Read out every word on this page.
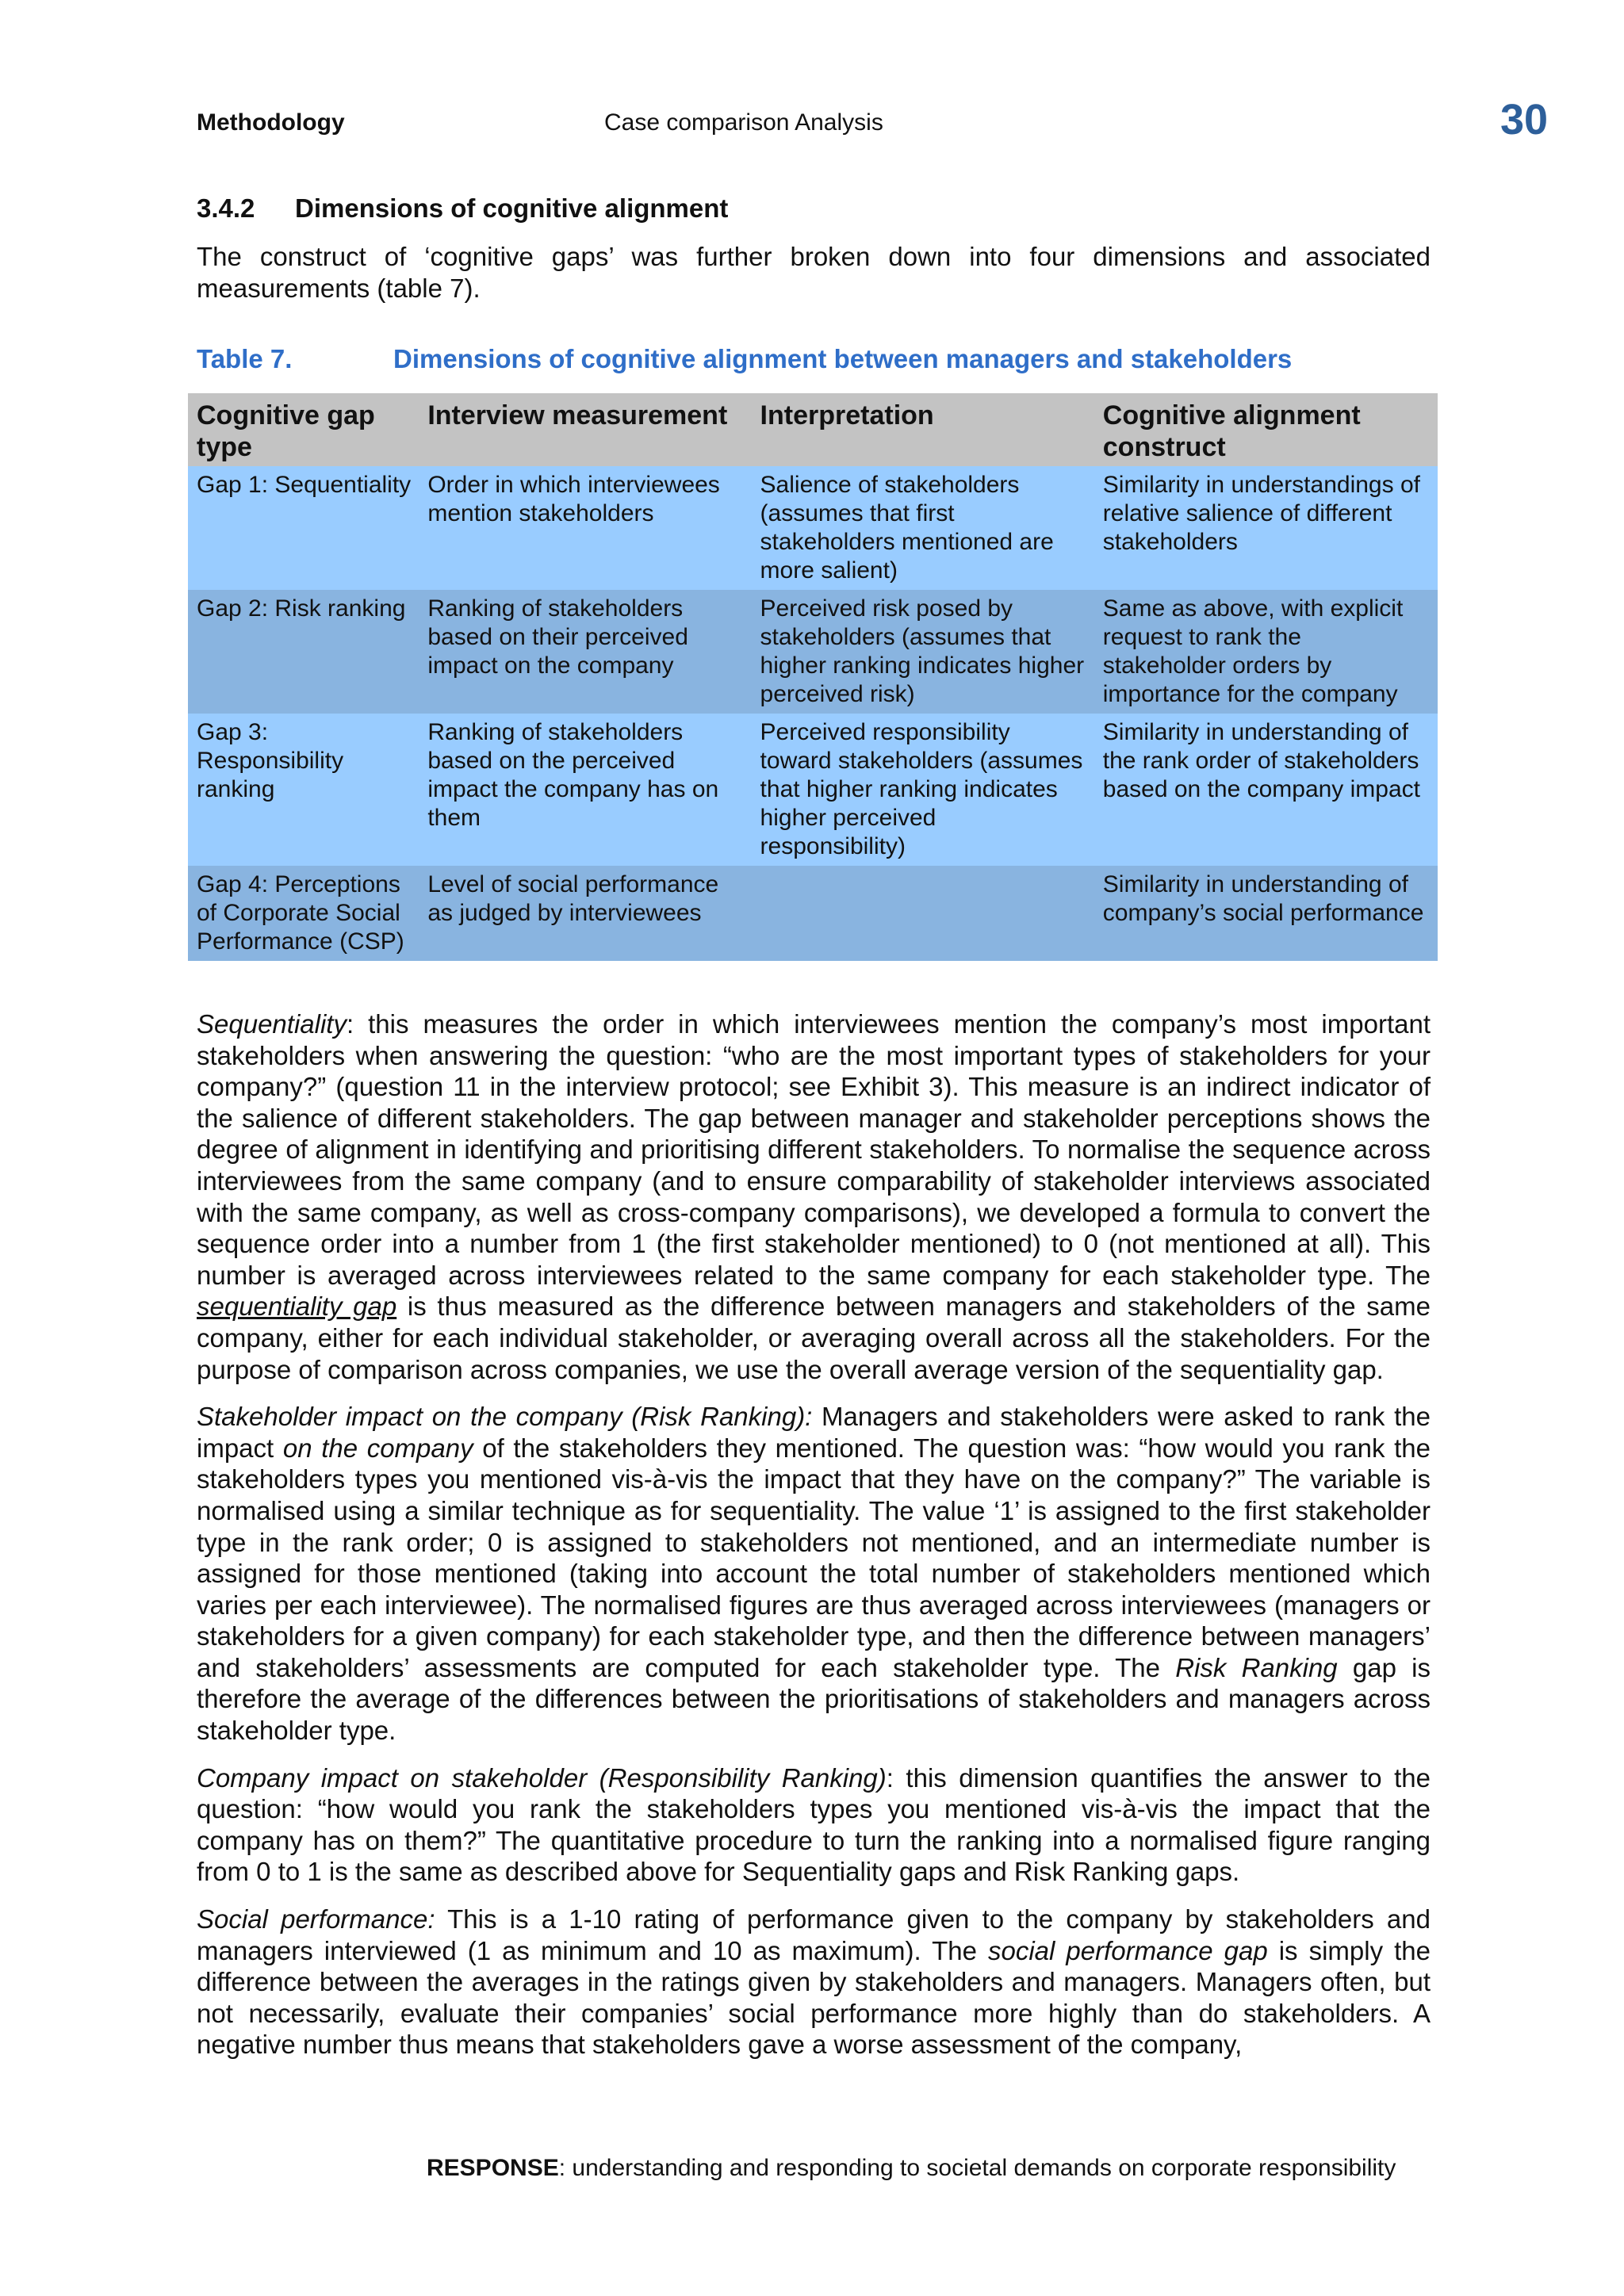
Methodology	Case comparison Analysis	30
3.4.2 Dimensions of cognitive alignment

The construct of ‘cognitive gaps’ was further broken down into four dimensions and associated measurements (table 7).

Table 7.	Dimensions of cognitive alignment between managers and stakeholders
Cognitive gap type	Interview measurement	Interpretation	Cognitive alignment construct
Gap 1: Sequentiality	Order in which interviewees mention stakeholders	Salience of stakeholders (assumes that first stakeholders mentioned are more salient)	Similarity in understandings of relative salience of different stakeholders
Gap 2: Risk ranking	Ranking of stakeholders based on their perceived impact on the company	Perceived risk posed by stakeholders (assumes that higher ranking indicates higher perceived risk)	Same as above, with explicit request to rank the stakeholder orders by importance for the company
Gap 3: Responsibility ranking	Ranking of stakeholders based on the perceived impact the company has on them	Perceived responsibility toward stakeholders (assumes that higher ranking indicates higher perceived responsibility)	Similarity in understanding of the rank order of stakeholders based on the company impact
Gap 4: Perceptions of Corporate Social Performance (CSP)	Level of social performance as judged by interviewees		Similarity in understanding of company’s social performance

Sequentiality: this measures the order in which interviewees mention the company’s most important stakeholders when answering the question: “who are the most important types of stakeholders for your company?” (question 11 in the interview protocol; see Exhibit 3). This measure is an indirect indicator of the salience of different stakeholders. The gap between manager and stakeholder perceptions shows the degree of alignment in identifying and prioritising different stakeholders. To normalise the sequence across interviewees from the same company (and to ensure comparability of stakeholder interviews associated with the same company, as well as cross-company comparisons), we developed a formula to convert the sequence order into a number from 1 (the first stakeholder mentioned) to 0 (not mentioned at all). This number is averaged across interviewees related to the same company for each stakeholder type. The sequentiality gap is thus measured as the difference between managers and stakeholders of the same company, either for each individual stakeholder, or averaging overall across all the stakeholders. For the purpose of comparison across companies, we use the overall average version of the sequentiality gap.

Stakeholder impact on the company (Risk Ranking): Managers and stakeholders were asked to rank the impact on the company of the stakeholders they mentioned. The question was: “how would you rank the stakeholders types you mentioned vis-à-vis the impact that they have on the company?” The variable is normalised using a similar technique as for sequentiality. The value ‘1’ is assigned to the first stakeholder type in the rank order; 0 is assigned to stakeholders not mentioned, and an intermediate number is assigned for those mentioned (taking into account the total number of stakeholders mentioned which varies per each interviewee). The normalised figures are thus averaged across interviewees (managers or stakeholders for a given company) for each stakeholder type, and then the difference between managers’ and stakeholders’ assessments are computed for each stakeholder type. The Risk Ranking gap is therefore the average of the differences between the prioritisations of stakeholders and managers across stakeholder type.

Company impact on stakeholder (Responsibility Ranking): this dimension quantifies the answer to the question: “how would you rank the stakeholders types you mentioned vis-à-vis the impact that the company has on them?” The quantitative procedure to turn the ranking into a normalised figure ranging from 0 to 1 is the same as described above for Sequentiality gaps and Risk Ranking gaps.

Social performance: This is a 1-10 rating of performance given to the company by stakeholders and managers interviewed (1 as minimum and 10 as maximum). The social performance gap is simply the difference between the averages in the ratings given by stakeholders and managers. Managers often, but not necessarily, evaluate their companies’ social performance more highly than do stakeholders. A negative number thus means that stakeholders gave a worse assessment of the company,

RESPONSE: understanding and responding to societal demands on corporate responsibility
